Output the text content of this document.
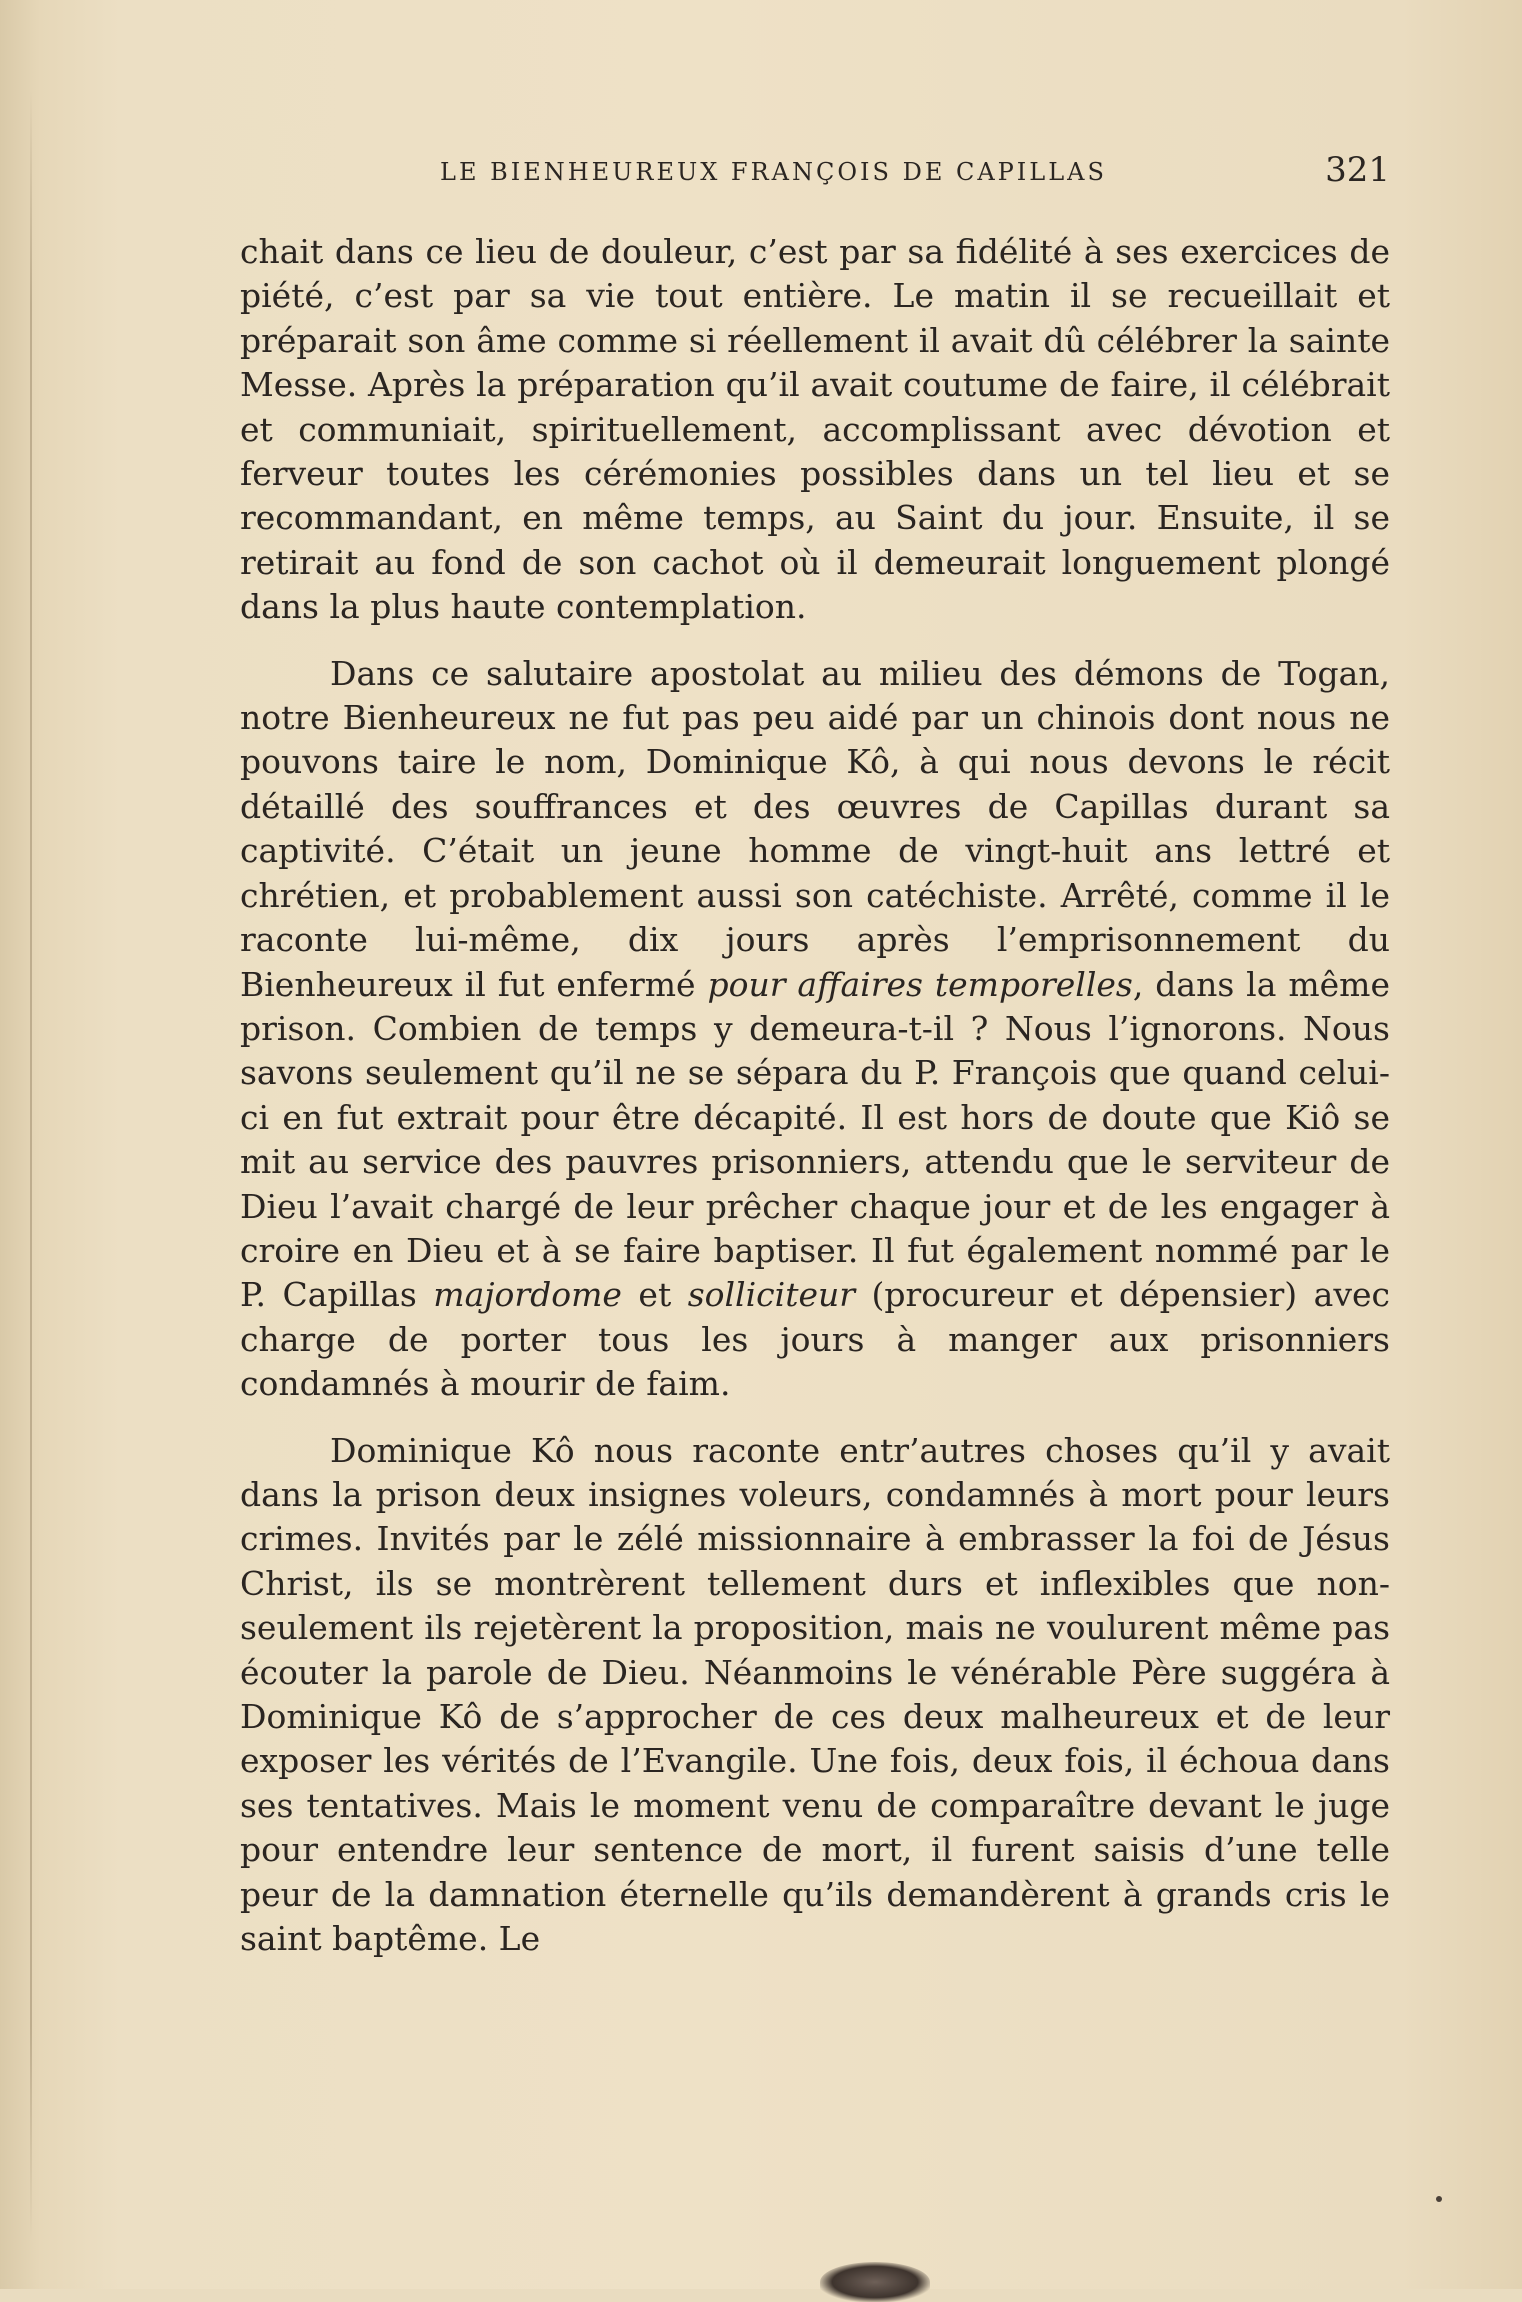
LE BIENHEUREUX FRANÇOIS DE CAPILLAS	321

chait dans ce lieu de douleur, c’est par sa fidélité à ses exercices de piété, c’est par sa vie tout entière. Le matin il se recueillait et préparait son âme comme si réellement il avait dû célébrer la sainte Messe. Après la préparation qu’il avait coutume de faire, il célébrait et communiait, spirituellement, accomplissant avec dévotion et ferveur toutes les cérémonies possibles dans un tel lieu et se recommandant, en même temps, au Saint du jour. Ensuite, il se retirait au fond de son cachot où il demeurait longuement plongé dans la plus haute contemplation.

Dans ce salutaire apostolat au milieu des démons de Togan, notre Bienheureux ne fut pas peu aidé par un chinois dont nous ne pouvons taire le nom, Dominique Kô, à qui nous devons le récit détaillé des souffrances et des œuvres de Capillas durant sa captivité. C’était un jeune homme de vingt-huit ans lettré et chrétien, et probablement aussi son catéchiste. Arrêté, comme il le raconte lui-même, dix jours après l’emprisonnement du Bienheureux il fut enfermé pour affaires temporelles, dans la même prison. Combien de temps y demeura-t-il ? Nous l’ignorons. Nous savons seulement qu’il ne se sépara du P. François que quand celui-ci en fut extrait pour être décapité. Il est hors de doute que Kiô se mit au service des pauvres prisonniers, attendu que le serviteur de Dieu l’avait chargé de leur prêcher chaque jour et de les engager à croire en Dieu et à se faire baptiser. Il fut également nommé par le P. Capillas majordome et solliciteur (procureur et dépensier) avec charge de porter tous les jours à manger aux prisonniers condamnés à mourir de faim.

Dominique Kô nous raconte entr’autres choses qu’il y avait dans la prison deux insignes voleurs, condamnés à mort pour leurs crimes. Invités par le zélé missionnaire à embrasser la foi de Jésus Christ, ils se montrèrent tellement durs et inflexibles que non-seulement ils rejetèrent la proposition, mais ne voulurent même pas écouter la parole de Dieu. Néanmoins le vénérable Père suggéra à Dominique Kô de s’approcher de ces deux malheureux et de leur exposer les vérités de l’Evangile. Une fois, deux fois, il échoua dans ses tentatives. Mais le moment venu de comparaître devant le juge pour entendre leur sentence de mort, il furent saisis d’une telle peur de la damnation éternelle qu’ils demandèrent à grands cris le saint baptême. Le
